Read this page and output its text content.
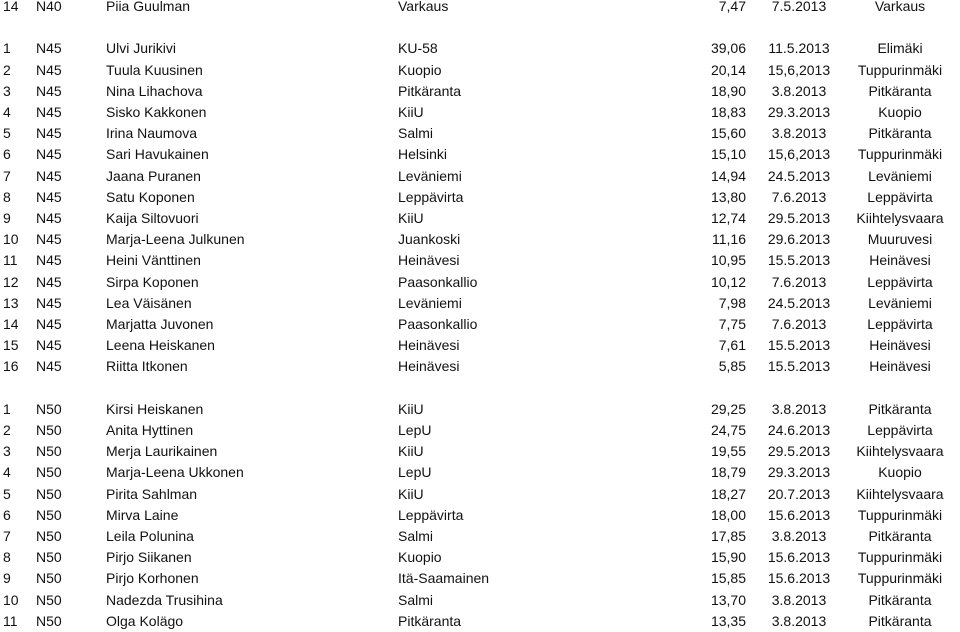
14 N40	Piia Guulman	Varkaus	7,47	7.5.2013	Varkaus
1 N45	Ulvi Jurikivi	KU-58	39,06	11.5.2013	Elimäki
2 N45	Tuula Kuusinen	Kuopio	20,14	15,6,2013	Tuppurinmäki
3 N45	Nina Lihachova	Pitkäranta	18,90	3.8.2013	Pitkäranta
4 N45	Sisko Kakkonen	KiiU	18,83	29.3.2013	Kuopio
5 N45	Irina Naumova	Salmi	15,60	3.8.2013	Pitkäranta
6 N45	Sari Havukainen	Helsinki	15,10	15,6,2013	Tuppurinmäki
7 N45	Jaana Puranen	Leväniemi	14,94	24.5.2013	Leväniemi
8 N45	Satu Koponen	Leppävirta	13,80	7.6.2013	Leppävirta
9 N45	Kaija Siltovuori	KiiU	12,74	29.5.2013	Kiihtelysvaara
10 N45	Marja-Leena Julkunen	Juankoski	11,16	29.6.2013	Muuruvesi
11 N45	Heini Vänttinen	Heinävesi	10,95	15.5.2013	Heinävesi
12 N45	Sirpa Koponen	Paasonkallio	10,12	7.6.2013	Leppävirta
13 N45	Lea Väisänen	Leväniemi	7,98	24.5.2013	Leväniemi
14 N45	Marjatta Juvonen	Paasonkallio	7,75	7.6.2013	Leppävirta
15 N45	Leena Heiskanen	Heinävesi	7,61	15.5.2013	Heinävesi
16 N45	Riitta Itkonen	Heinävesi	5,85	15.5.2013	Heinävesi
1 N50	Kirsi Heiskanen	KiiU	29,25	3.8.2013	Pitkäranta
2 N50	Anita Hyttinen	LepU	24,75	24.6.2013	Leppävirta
3 N50	Merja Laurikainen	KiiU	19,55	29.5.2013	Kiihtelysvaara
4 N50	Marja-Leena Ukkonen	LepU	18,79	29.3.2013	Kuopio
5 N50	Pirita Sahlman	KiiU	18,27	20.7.2013	Kiihtelysvaara
6 N50	Mirva Laine	Leppävirta	18,00	15.6.2013	Tuppurinmäki
7 N50	Leila Polunina	Salmi	17,85	3.8.2013	Pitkäranta
8 N50	Pirjo Siikanen	Kuopio	15,90	15.6.2013	Tuppurinmäki
9 N50	Pirjo Korhonen	Itä-Saamainen	15,85	15.6.2013	Tuppurinmäki
10 N50	Nadezda Trusihina	Salmi	13,70	3.8.2013	Pitkäranta
11 N50	Olga Kolägo	Pitkäranta	13,35	3.8.2013	Pitkäranta
